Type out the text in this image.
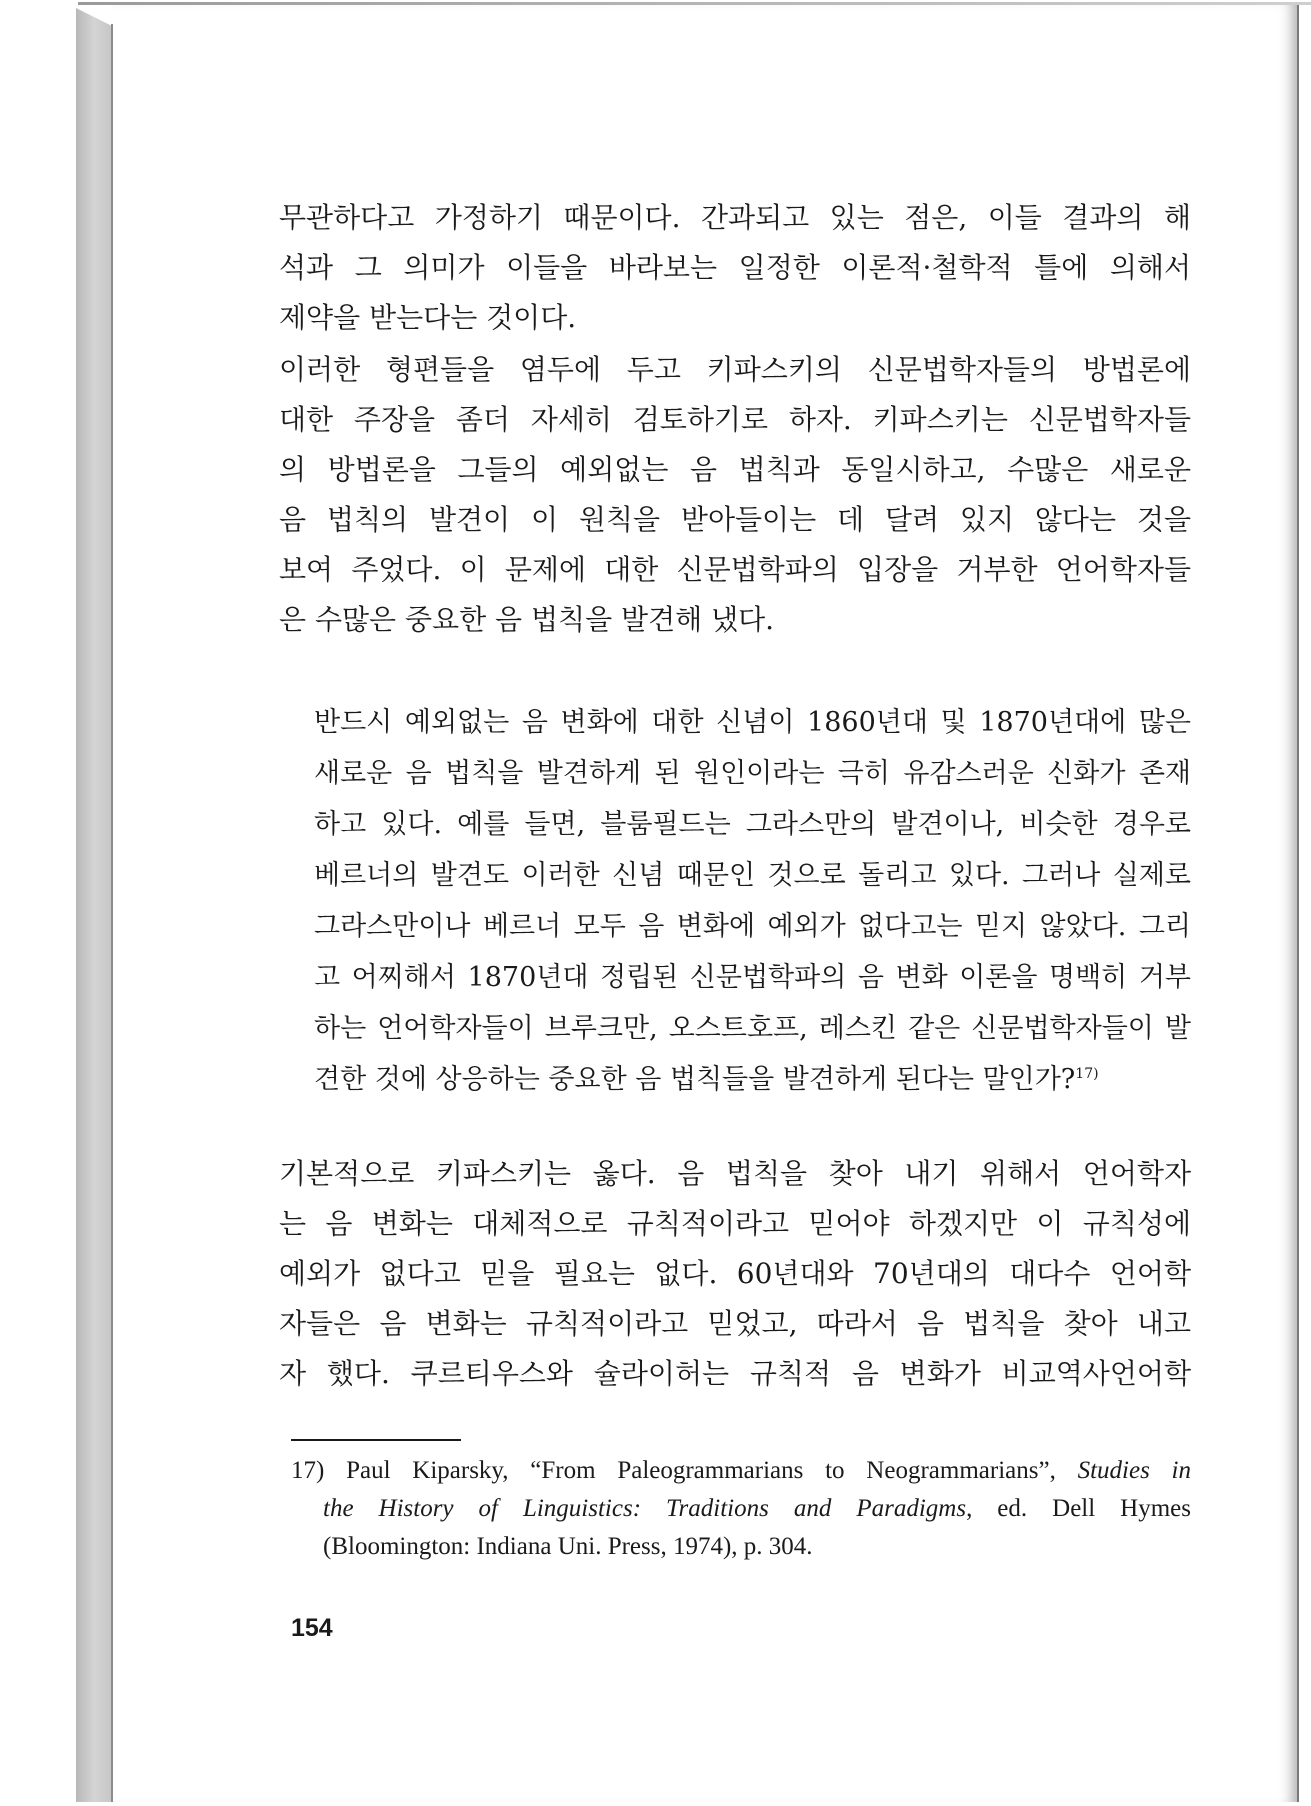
무관하다고 가정하기 때문이다. 간과되고 있는 점은, 이들 결과의 해
석과 그 의미가 이들을 바라보는 일정한 이론적·철학적 틀에 의해서
제약을 받는다는 것이다.
이러한 형편들을 염두에 두고 키파스키의 신문법학자들의 방법론에
대한 주장을 좀더 자세히 검토하기로 하자. 키파스키는 신문법학자들
의 방법론을 그들의 예외없는 음 법칙과 동일시하고, 수많은 새로운
음 법칙의 발견이 이 원칙을 받아들이는 데 달려 있지 않다는 것을
보여 주었다. 이 문제에 대한 신문법학파의 입장을 거부한 언어학자들
은 수많은 중요한 음 법칙을 발견해 냈다.
반드시 예외없는 음 변화에 대한 신념이 1860년대 및 1870년대에 많은
새로운 음 법칙을 발견하게 된 원인이라는 극히 유감스러운 신화가 존재
하고 있다. 예를 들면, 블룸필드는 그라스만의 발견이나, 비슷한 경우로
베르너의 발견도 이러한 신념 때문인 것으로 돌리고 있다. 그러나 실제로
그라스만이나 베르너 모두 음 변화에 예외가 없다고는 믿지 않았다. 그리
고 어찌해서 1870년대 정립된 신문법학파의 음 변화 이론을 명백히 거부
하는 언어학자들이 브루크만, 오스트호프, 레스킨 같은 신문법학자들이 발
견한 것에 상응하는 중요한 음 법칙들을 발견하게 된다는 말인가?$^{17)}$
기본적으로 키파스키는 옳다. 음 법칙을 찾아 내기 위해서 언어학자
는 음 변화는 대체적으로 규칙적이라고 믿어야 하겠지만 이 규칙성에
예외가 없다고 믿을 필요는 없다. 60년대와 70년대의 대다수 언어학
자들은 음 변화는 규칙적이라고 믿었고, 따라서 음 법칙을 찾아 내고
자 했다. 쿠르티우스와 슐라이허는 규칙적 음 변화가 비교역사언어학
17) Paul Kiparsky, “From Paleogrammarians to Neogrammarians”, Studies in
the History of Linguistics: Traditions and Paradigms, ed. Dell Hymes
(Bloomington: Indiana Uni. Press, 1974), p. 304.
154
